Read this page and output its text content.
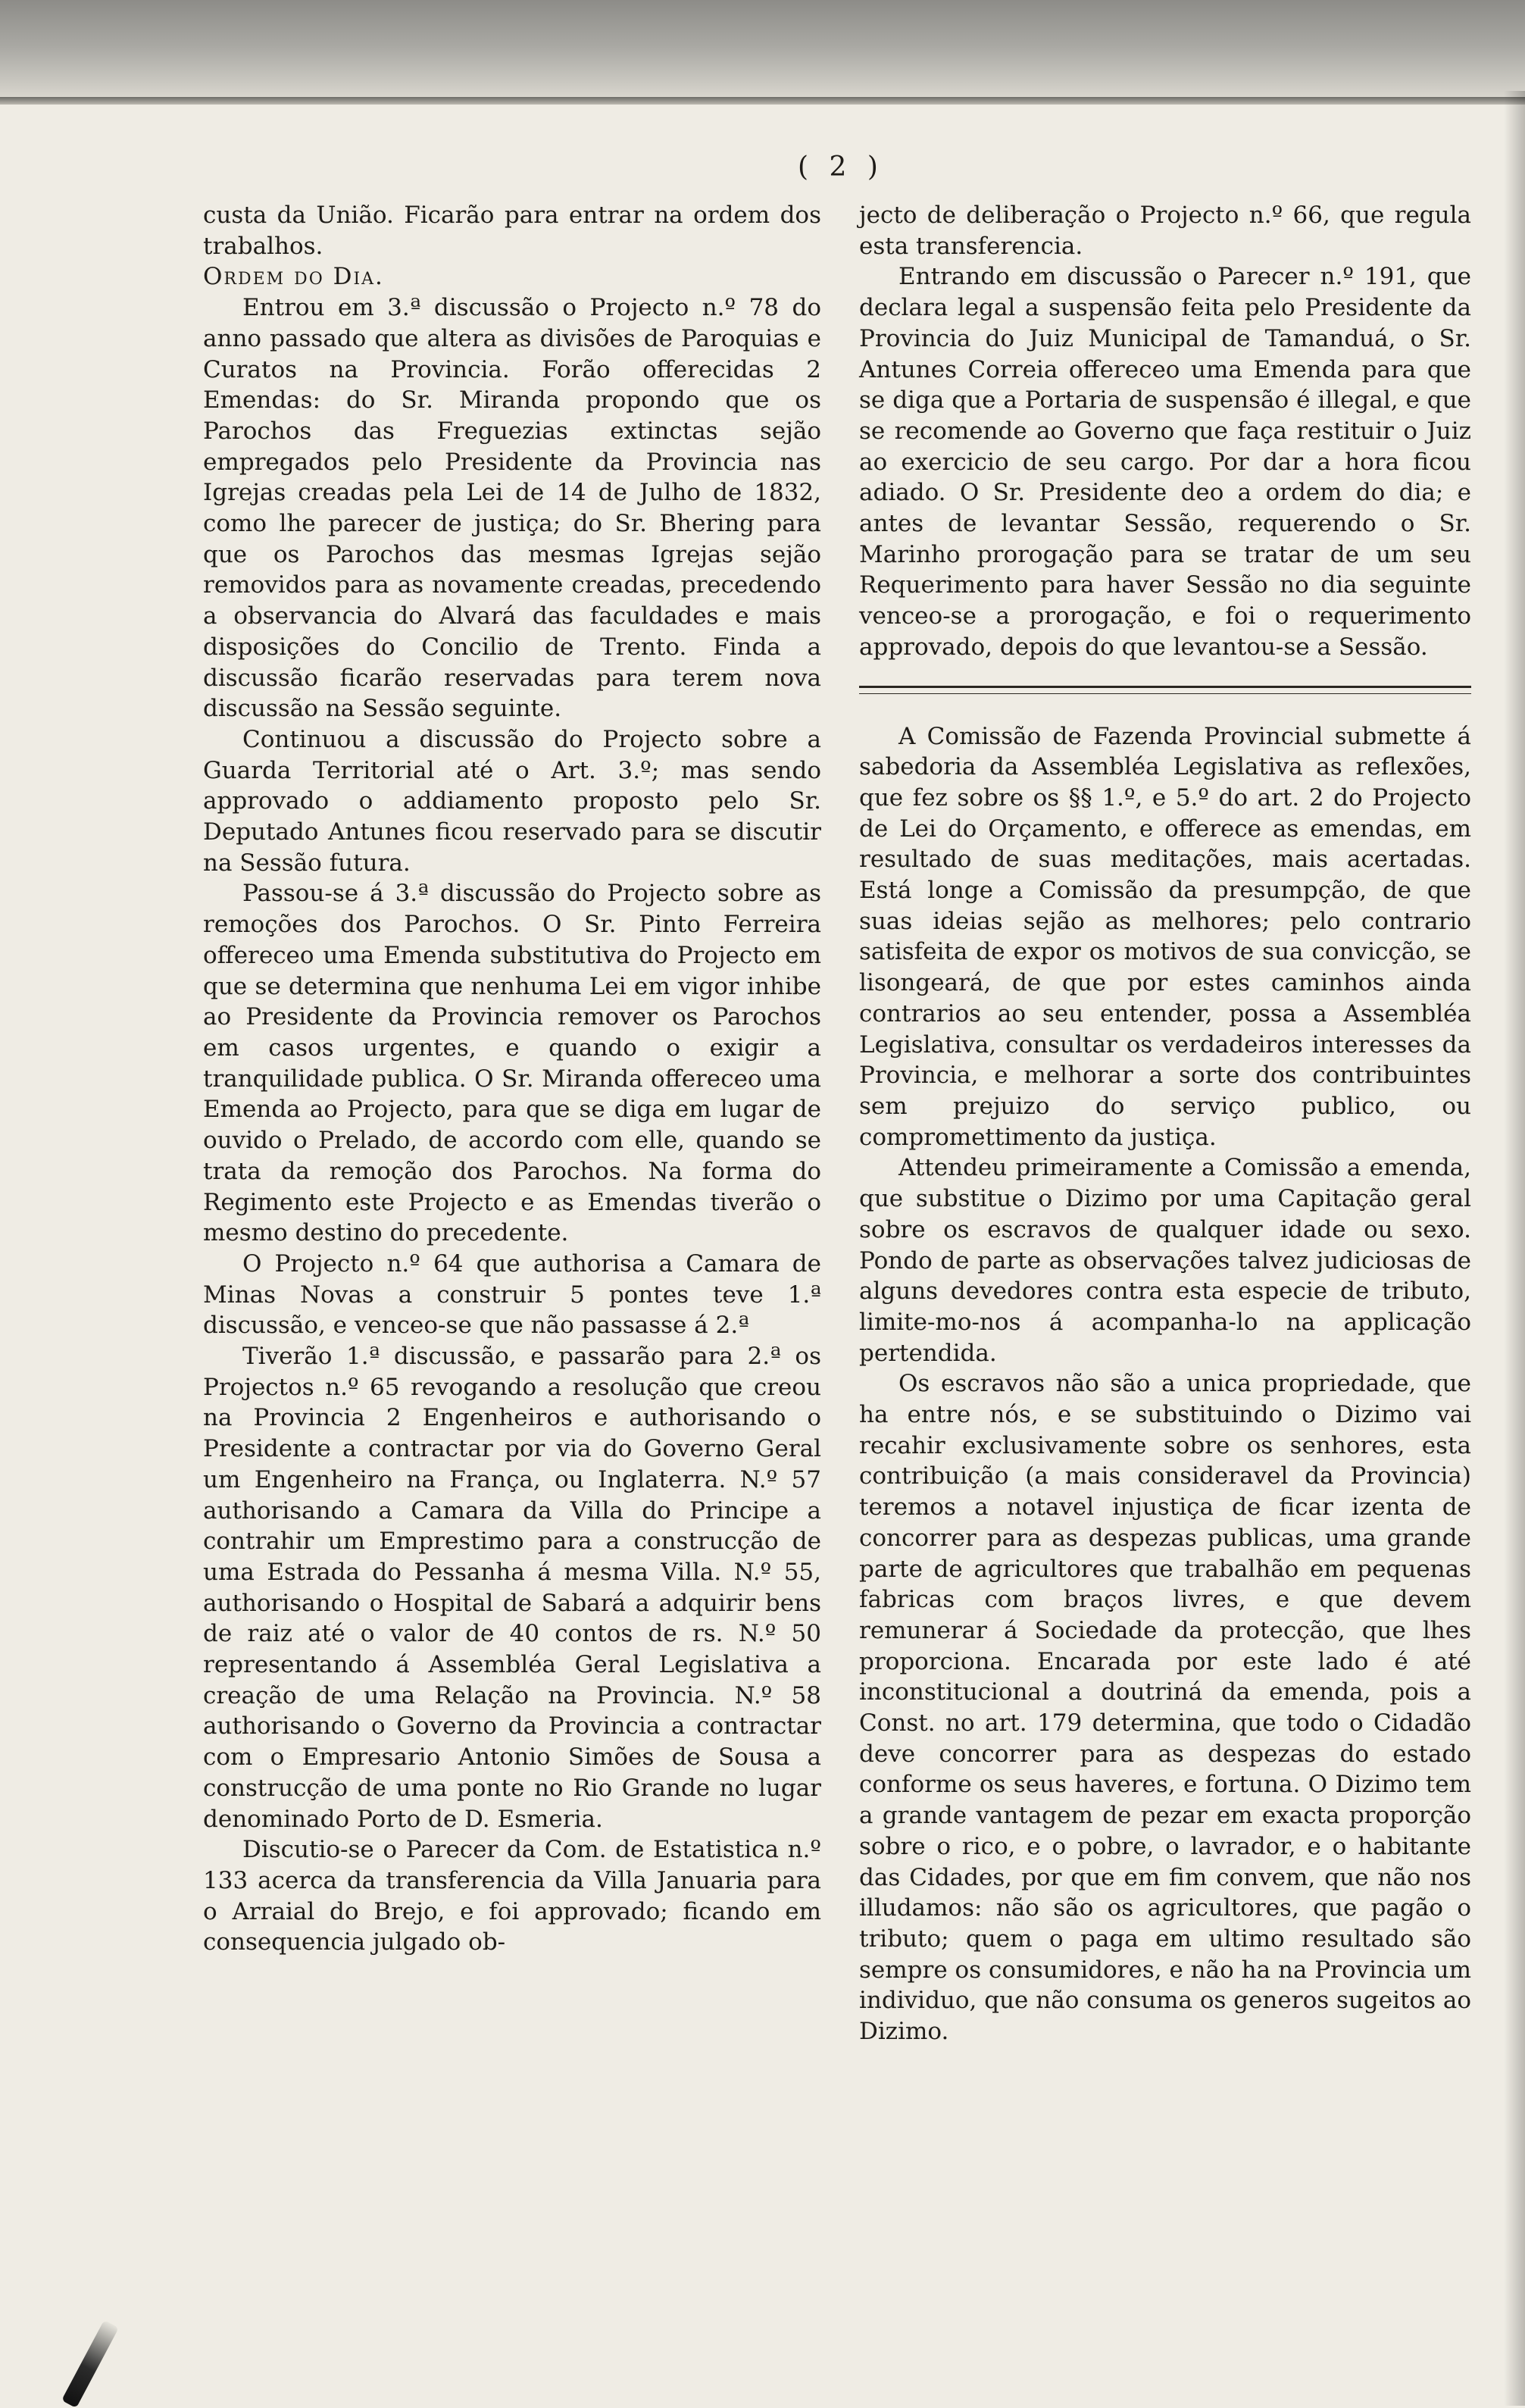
( 2 )

custa da União. Ficarão para entrar na ordem dos trabalhos.

Ordem do Dia.

Entrou em 3.ª discussão o Projecto n.º 78 do anno passado que altera as divisões de Paroquias e Curatos na Provincia. Forão offerecidas 2 Emendas: do Sr. Miranda propondo que os Parochos das Freguezias extinctas sejão empregados pelo Presidente da Provincia nas Igrejas creadas pela Lei de 14 de Julho de 1832, como lhe parecer de justiça; do Sr. Bhering para que os Parochos das mesmas Igrejas sejão removidos para as novamente creadas, precedendo a observancia do Alvará das faculdades e mais disposições do Concilio de Trento. Finda a discussão ficarão reservadas para terem nova discussão na Sessão seguinte.

Continuou a discussão do Projecto sobre a Guarda Territorial até o Art. 3.º; mas sendo approvado o addiamento proposto pelo Sr. Deputado Antunes ficou reservado para se discutir na Sessão futura.

Passou-se á 3.ª discussão do Projecto sobre as remoções dos Parochos. O Sr. Pinto Ferreira offereceo uma Emenda substitutiva do Projecto em que se determina que nenhuma Lei em vigor inhibe ao Presidente da Provincia remover os Parochos em casos urgentes, e quando o exigir a tranquilidade publica. O Sr. Miranda offereceo uma Emenda ao Projecto, para que se diga em lugar de ouvido o Prelado, de accordo com elle, quando se trata da remoção dos Parochos. Na forma do Regimento este Projecto e as Emendas tiverão o mesmo destino do precedente.

O Projecto n.º 64 que authorisa a Camara de Minas Novas a construir 5 pontes teve 1.ª discussão, e venceo-se que não passasse á 2.ª

Tiverão 1.ª discussão, e passarão para 2.ª os Projectos n.º 65 revogando a resolução que creou na Provincia 2 Engenheiros e authorisando o Presidente a contractar por via do Governo Geral um Engenheiro na França, ou Inglaterra. N.º 57 authorisando a Camara da Villa do Principe a contrahir um Emprestimo para a construcção de uma Estrada do Pessanha á mesma Villa. N.º 55, authorisando o Hospital de Sabará a adquirir bens de raiz até o valor de 40 contos de rs. N.º 50 representando á Assembléa Geral Legislativa a creação de uma Relação na Provincia. N.º 58 authorisando o Governo da Provincia a contractar com o Empresario Antonio Simões de Sousa a construcção de uma ponte no Rio Grande no lugar denominado Porto de D. Esmeria.

Discutio-se o Parecer da Com. de Estatistica n.º 133 acerca da transferencia da Villa Januaria para o Arraial do Brejo, e foi approvado; ficando em consequencia julgado ob-

jecto de deliberação o Projecto n.º 66, que regula esta transferencia.

Entrando em discussão o Parecer n.º 191, que declara legal a suspensão feita pelo Presidente da Provincia do Juiz Municipal de Tamanduá, o Sr. Antunes Correia offereceo uma Emenda para que se diga que a Portaria de suspensão é illegal, e que se recomende ao Governo que faça restituir o Juiz ao exercicio de seu cargo. Por dar a hora ficou adiado. O Sr. Presidente deo a ordem do dia; e antes de levantar Sessão, requerendo o Sr. Marinho prorogação para se tratar de um seu Requerimento para haver Sessão no dia seguinte venceo-se a prorogação, e foi o requerimento approvado, depois do que levantou-se a Sessão.

A Comissão de Fazenda Provincial submette á sabedoria da Assembléa Legislativa as reflexões, que fez sobre os §§ 1.º, e 5.º do art. 2 do Projecto de Lei do Orçamento, e offerece as emendas, em resultado de suas meditações, mais acertadas. Está longe a Comissão da presumpção, de que suas ideias sejão as melhores; pelo contrario satisfeita de expor os motivos de sua convicção, se lisongeará, de que por estes caminhos ainda contrarios ao seu entender, possa a Assembléa Legislativa, consultar os verdadeiros interesses da Provincia, e melhorar a sorte dos contribuintes sem prejuizo do serviço publico, ou compromettimento da justiça.

Attendeu primeiramente a Comissão a emenda, que substitue o Dizimo por uma Capitação geral sobre os escravos de qualquer idade ou sexo. Pondo de parte as observações talvez judiciosas de alguns devedores contra esta especie de tributo, limite-mo-nos á acompanha-lo na applicação pertendida.

Os escravos não são a unica propriedade, que ha entre nós, e se substituindo o Dizimo vai recahir exclusivamente sobre os senhores, esta contribuição (a mais consideravel da Provincia) teremos a notavel injustiça de ficar izenta de concorrer para as despezas publicas, uma grande parte de agricultores que trabalhão em pequenas fabricas com braços livres, e que devem remunerar á Sociedade da protecção, que lhes proporciona. Encarada por este lado é até inconstitucional a doutriná da emenda, pois a Const. no art. 179 determina, que todo o Cidadão deve concorrer para as despezas do estado conforme os seus haveres, e fortuna. O Dizimo tem a grande vantagem de pezar em exacta proporção sobre o rico, e o pobre, o lavrador, e o habitante das Cidades, por que em fim convem, que não nos illudamos: não são os agricultores, que pagão o tributo; quem o paga em ultimo resultado são sempre os consumidores, e não ha na Provincia um individuo, que não consuma os generos sugeitos ao Dizimo.
